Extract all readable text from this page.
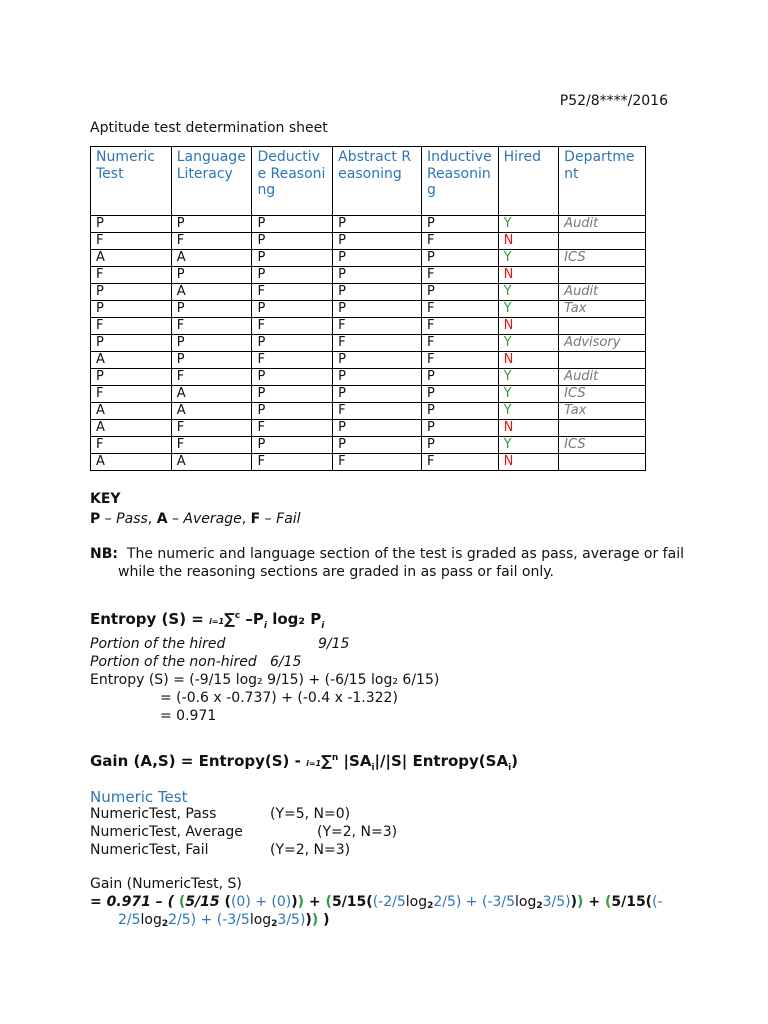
P52/8****/2016
Aptitude test determination sheet
Numeric Test	Language Literacy	Deductive Reasoning	Abstract Reasoning	Inductive Reasoning	Hired	Department
P	P	P	P	P	Y	Audit
F	F	P	P	F	N	
A	A	P	P	P	Y	ICS
F	P	P	P	F	N	
P	A	F	P	P	Y	Audit
P	P	P	P	F	Y	Tax
F	F	F	F	F	N	
P	P	P	F	F	Y	Advisory
A	P	F	P	F	N	
P	F	P	P	P	Y	Audit
F	A	P	P	P	Y	ICS
A	A	P	F	P	Y	Tax
A	F	F	P	P	N	
F	F	P	P	P	Y	ICS
A	A	F	F	F	N	
KEY
P – Pass, A – Average, F – Fail
NB: The numeric and language section of the test is graded as pass, average or fail
while the reasoning sections are graded in as pass or fail only.
Entropy (S) = i=1∑$^c$ $-P_i$ log₂ $P_i$
Portion of the hired	9/15
Portion of the non-hired 6/15
Entropy (S) = (-9/15 log₂ 9/15) + (-6/15 log₂ 6/15)
= (-0.6 x -0.737) + (-0.4 x -1.322)
= 0.971
Gain (A,S) = Entropy(S) - i=1∑$^n$ $|SA_i|/|S|$ $Entropy(SA_i)$
Numeric Test
NumericTest, Pass	(Y=5, N=0)
NumericTest, Average	(Y=2, N=3)
NumericTest, Fail	(Y=2, N=3)
Gain (NumericTest, S)
= 0.971 – ( (5/15 ((0) + (0))) + (5/15((-2/5log22/5) + (-3/5log23/5))) + (5/15((-
2/5log22/5) + (-3/5log23/5))) )
